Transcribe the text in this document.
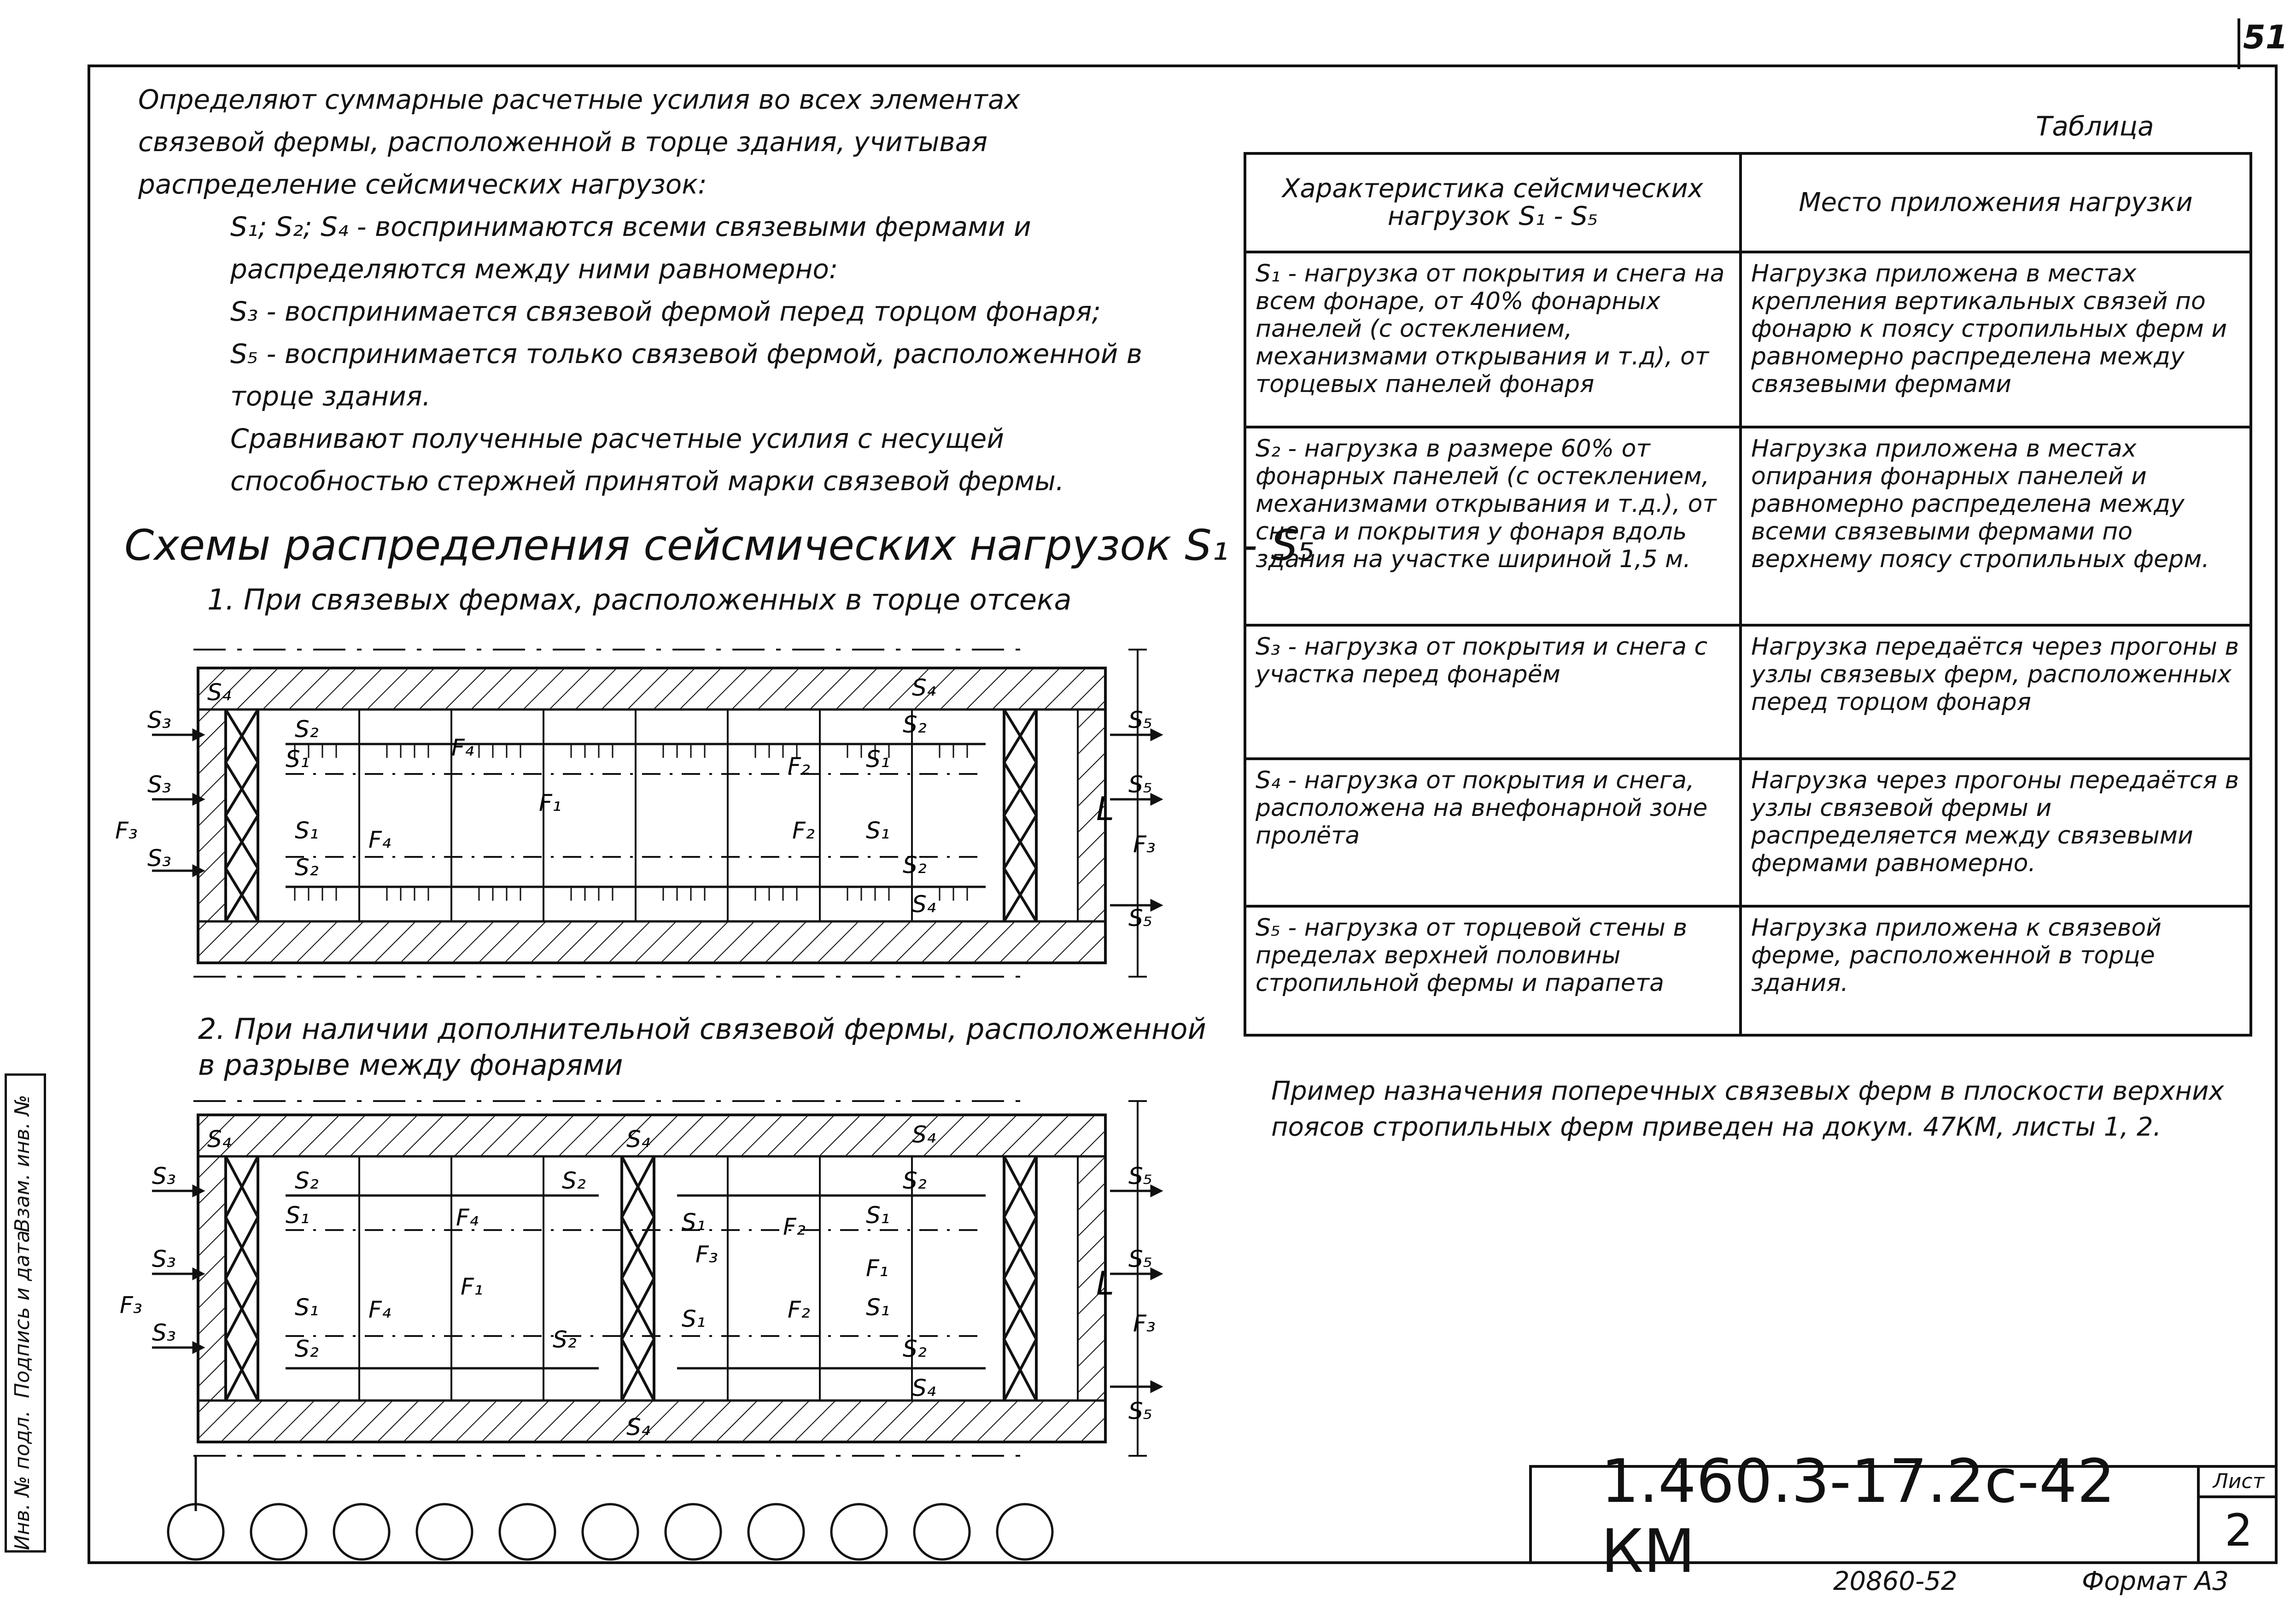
51

Определяют суммарные расчетные усилия во всех элементах связевой фермы, расположенной в торце здания, учитывая распределение сейсмических нагрузок:

S₁; S₂; S₄ - воспринимаются всеми связевыми фермами и распределяются между ними равномерно:

S₃ - воспринимается связевой фермой перед торцом фонаря;

S₅ - воспринимается только связевой фермой, расположенной в торце здания.

Сравнивают полученные расчетные усилия с несущей способностью стержней принятой марки связевой фермы.

Схемы распределения сейсмических нагрузок S₁ - S₅
1. При связевых фермах, расположенных в торце отсека
L
S₄
S₃
S₃
F₃
S₃
S₂
S₁
S₁
S₂
F₄
F₄
F₁
F₂
F₂
S₁
S₁
S₂
S₂
S₄
S₄
S₅
S₅
F₃
S₅
2. При наличии дополнительной связевой фермы, расположенной в разрыве между фонарями
L
S₄
S₃
S₃
F₃
S₃
S₂
S₁
S₁
S₂
F₄
F₄
F₁
S₂
S₂
S₄
S₄
S₁
S₁
F₃
F₂
F₂
S₁
F₁
S₁
S₂
S₂
S₄
S₄
S₅
S₅
F₃
S₅
Таблица
Характеристика сейсмических нагрузок S₁ - S₅	Место приложения нагрузки
S₁ - нагрузка от покрытия и снега на всем фонаре, от 40% фонарных панелей (с остеклением, механизмами открывания и т.д), от торцевых панелей фонаря	Нагрузка приложена в местах крепления вертикальных связей по фонарю к поясу стропильных ферм и равномерно распределена между связевыми фермами
S₂ - нагрузка в размере 60% от фонарных панелей (с остеклением, механизмами открывания и т.д.), от снега и покрытия у фонаря вдоль здания на участке шириной 1,5 м.	Нагрузка приложена в местах опирания фонарных панелей и равномерно распределена между всеми связевыми фермами по верхнему поясу стропильных ферм.
S₃ - нагрузка от покрытия и снега с участка перед фонарём	Нагрузка передаётся через прогоны в узлы связевых ферм, расположенных перед торцом фонаря
S₄ - нагрузка от покрытия и снега, расположена на внефонарной зоне пролёта	Нагрузка через прогоны передаётся в узлы связевой фермы и распределяется между связевыми фермами равномерно.
S₅ - нагрузка от торцевой стены в пределах верхней половины стропильной фермы и парапета	Нагрузка приложена к связевой ферме, расположенной в торце здания.
Пример назначения поперечных связевых ферм в плоскости верхних поясов стропильных ферм приведен на докум. 47КМ, листы 1, 2.
Инв. № подл.
Подпись и дата
Взам. инв. №
1.460.3-17.2с-42 КМ
Лист
2
20860-52	Формат А3
